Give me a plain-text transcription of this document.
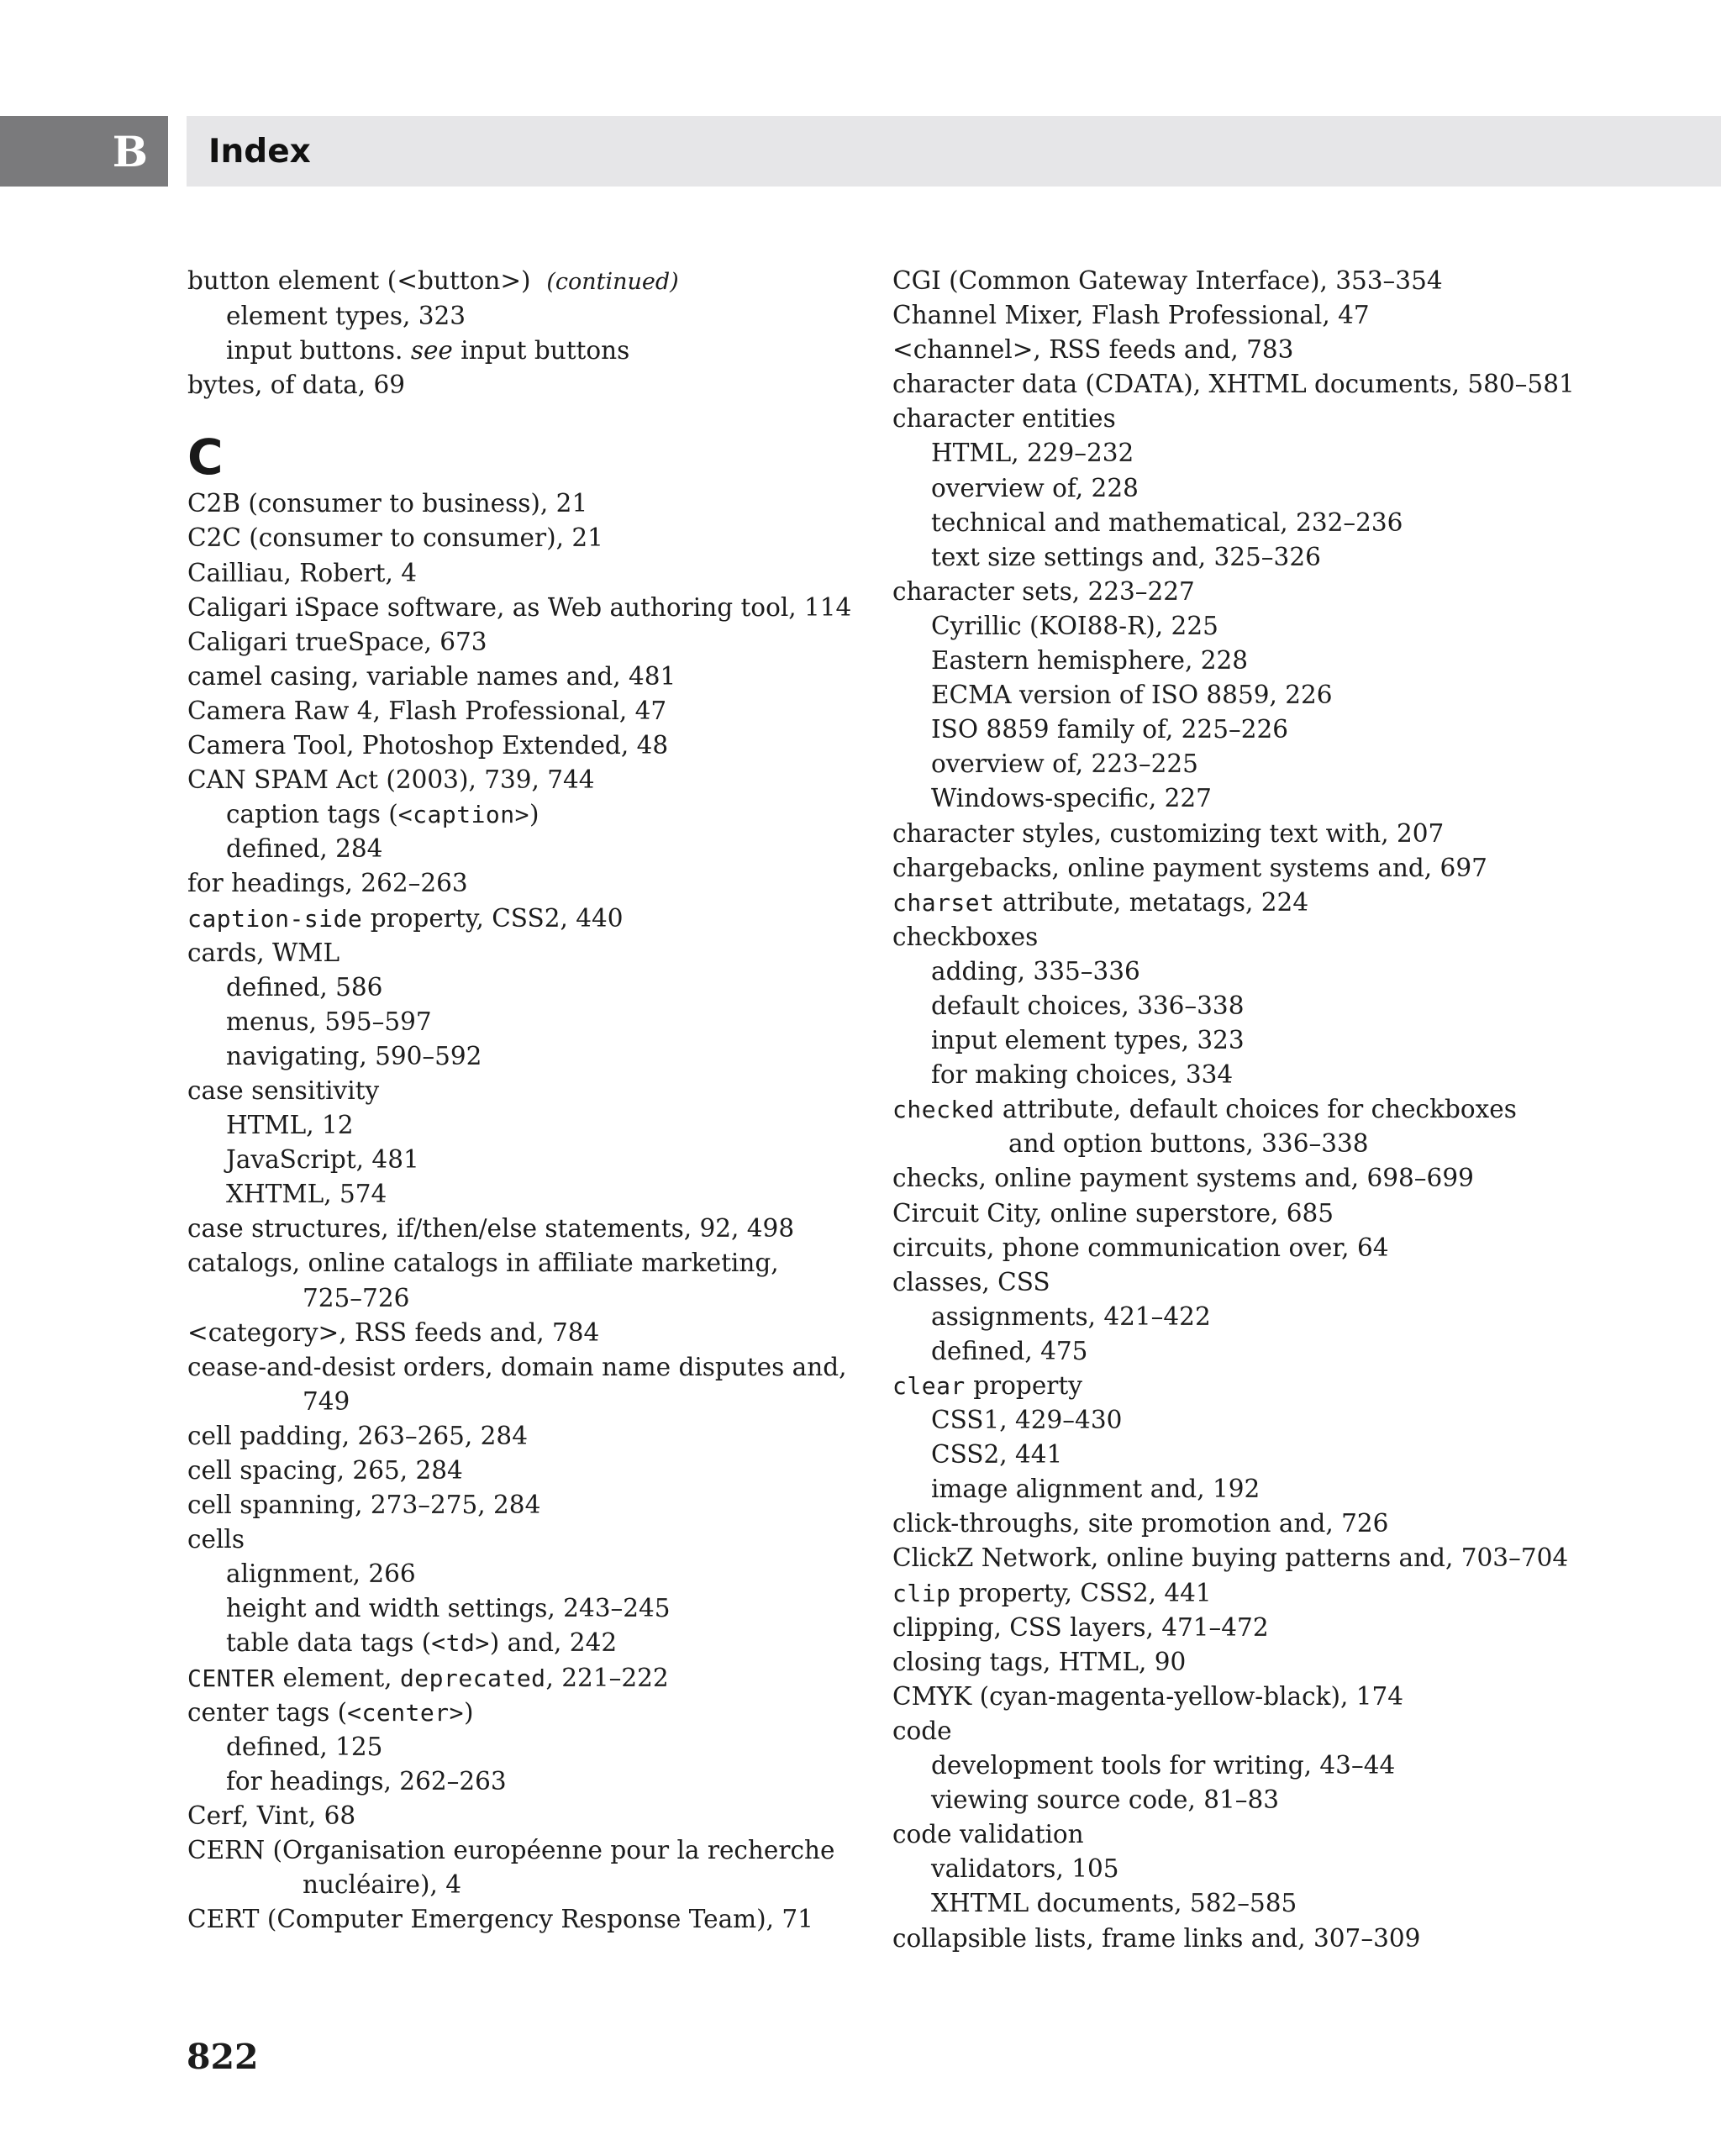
B Index
button element (<button>) (continued)
element types, 323
input buttons. see input buttons
bytes, of data, 69
C
C2B (consumer to business), 21
C2C (consumer to consumer), 21
Cailliau, Robert, 4
Caligari iSpace software, as Web authoring tool, 114
Caligari trueSpace, 673
camel casing, variable names and, 481
Camera Raw 4, Flash Professional, 47
Camera Tool, Photoshop Extended, 48
CAN SPAM Act (2003), 739, 744
caption tags (<caption>)
defined, 284
for headings, 262–263
caption-side property, CSS2, 440
cards, WML
defined, 586
menus, 595–597
navigating, 590–592
case sensitivity
HTML, 12
JavaScript, 481
XHTML, 574
case structures, if/then/else statements, 92, 498
catalogs, online catalogs in affiliate marketing,
725–726
<category>, RSS feeds and, 784
cease-and-desist orders, domain name disputes and,
749
cell padding, 263–265, 284
cell spacing, 265, 284
cell spanning, 273–275, 284
cells
alignment, 266
height and width settings, 243–245
table data tags (<td>) and, 242
CENTER element, deprecated, 221–222
center tags (<center>)
defined, 125
for headings, 262–263
Cerf, Vint, 68
CERN (Organisation européenne pour la recherche
nucléaire), 4
CERT (Computer Emergency Response Team), 71
CGI (Common Gateway Interface), 353–354
Channel Mixer, Flash Professional, 47
<channel>, RSS feeds and, 783
character data (CDATA), XHTML documents, 580–581
character entities
HTML, 229–232
overview of, 228
technical and mathematical, 232–236
text size settings and, 325–326
character sets, 223–227
Cyrillic (KOI88-R), 225
Eastern hemisphere, 228
ECMA version of ISO 8859, 226
ISO 8859 family of, 225–226
overview of, 223–225
Windows-specific, 227
character styles, customizing text with, 207
chargebacks, online payment systems and, 697
charset attribute, metatags, 224
checkboxes
adding, 335–336
default choices, 336–338
input element types, 323
for making choices, 334
checked attribute, default choices for checkboxes
and option buttons, 336–338
checks, online payment systems and, 698–699
Circuit City, online superstore, 685
circuits, phone communication over, 64
classes, CSS
assignments, 421–422
defined, 475
clear property
CSS1, 429–430
CSS2, 441
image alignment and, 192
click-throughs, site promotion and, 726
ClickZ Network, online buying patterns and, 703–704
clip property, CSS2, 441
clipping, CSS layers, 471–472
closing tags, HTML, 90
CMYK (cyan-magenta-yellow-black), 174
code
development tools for writing, 43–44
viewing source code, 81–83
code validation
validators, 105
XHTML documents, 582–585
collapsible lists, frame links and, 307–309
822
